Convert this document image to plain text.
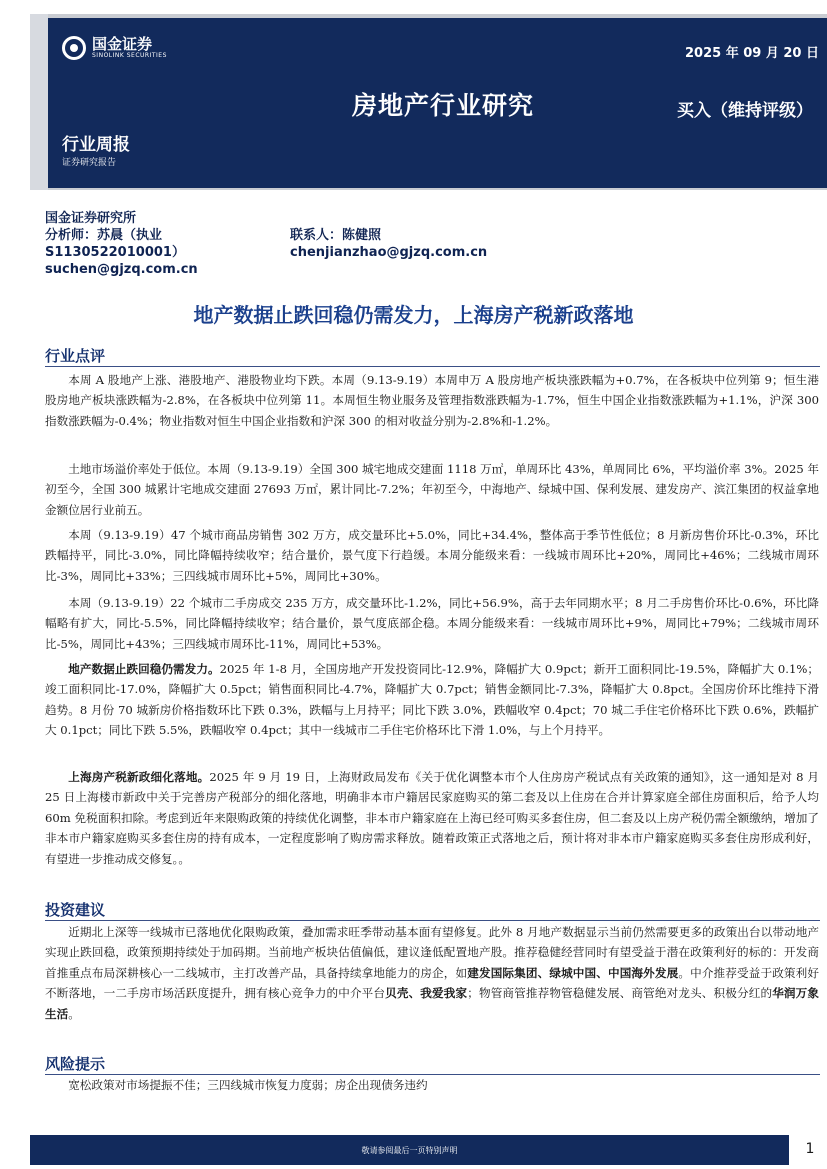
国金证券
SINOLINK SECURITIES	2025 年 09 月 20 日
房地产行业研究	买入（维持评级）
行业周报
证券研究报告
国金证券研究所
分析师：苏晨（执业
S1130522010001）
suchen@gjzq.com.cn
联系人：陈健照
chenjianzhao@gjzq.com.cn
地产数据止跌回稳仍需发力，上海房产税新政落地
行业点评
本周 A 股地产上涨、港股地产、港股物业均下跌。本周（9.13-9.19）本周申万 A 股房地产板块涨跌幅为+0.7%，在各板块中位列第 9；恒生港股房地产板块涨跌幅为-2.8%，在各板块中位列第 11。本周恒生物业服务及管理指数涨跌幅为-1.7%，恒生中国企业指数涨跌幅为+1.1%，沪深 300 指数涨跌幅为-0.4%；物业指数对恒生中国企业指数和沪深 300 的相对收益分别为-2.8%和-1.2%。
土地市场溢价率处于低位。本周（9.13-9.19）全国 300 城宅地成交建面 1118 万㎡，单周环比 43%，单周同比 6%，平均溢价率 3%。2025 年初至今，全国 300 城累计宅地成交建面 27693 万㎡，累计同比-7.2%；年初至今，中海地产、绿城中国、保利发展、建发房产、滨江集团的权益拿地金额位居行业前五。
本周（9.13-9.19）47 个城市商品房销售 302 万方，成交量环比+5.0%，同比+34.4%，整体高于季节性低位；8 月新房售价环比-0.3%，环比跌幅持平，同比-3.0%，同比降幅持续收窄；结合量价，景气度下行趋缓。本周分能级来看：一线城市周环比+20%，周同比+46%；二线城市周环比-3%，周同比+33%；三四线城市周环比+5%，周同比+30%。
本周（9.13-9.19）22 个城市二手房成交 235 万方，成交量环比-1.2%，同比+56.9%，高于去年同期水平；8 月二手房售价环比-0.6%，环比降幅略有扩大，同比-5.5%，同比降幅持续收窄；结合量价，景气度底部企稳。本周分能级来看：一线城市周环比+9%，周同比+79%；二线城市周环比-5%，周同比+43%；三四线城市周环比-11%，周同比+53%。
地产数据止跌回稳仍需发力。2025 年 1-8 月，全国房地产开发投资同比-12.9%，降幅扩大 0.9pct；新开工面积同比-19.5%，降幅扩大 0.1%；竣工面积同比-17.0%，降幅扩大 0.5pct；销售面积同比-4.7%，降幅扩大 0.7pct；销售金额同比-7.3%，降幅扩大 0.8pct。全国房价环比维持下滑趋势。8 月份 70 城新房价格指数环比下跌 0.3%，跌幅与上月持平；同比下跌 3.0%，跌幅收窄 0.4pct；70 城二手住宅价格环比下跌 0.6%，跌幅扩大 0.1pct；同比下跌 5.5%，跌幅收窄 0.4pct；其中一线城市二手住宅价格环比下滑 1.0%，与上个月持平。
上海房产税新政细化落地。2025 年 9 月 19 日，上海财政局发布《关于优化调整本市个人住房房产税试点有关政策的通知》，这一通知是对 8 月 25 日上海楼市新政中关于完善房产税部分的细化落地，明确非本市户籍居民家庭购买的第二套及以上住房在合并计算家庭全部住房面积后，给予人均 60m 免税面积扣除。考虑到近年来限购政策的持续优化调整，非本市户籍家庭在上海已经可购买多套住房，但二套及以上房产税仍需全额缴纳，增加了非本市户籍家庭购买多套住房的持有成本，一定程度影响了购房需求释放。随着政策正式落地之后，预计将对非本市户籍家庭购买多套住房形成利好，有望进一步推动成交修复。。
投资建议
近期北上深等一线城市已落地优化限购政策，叠加需求旺季带动基本面有望修复。此外 8 月地产数据显示当前仍然需要更多的政策出台以带动地产实现止跌回稳，政策预期持续处于加码期。当前地产板块估值偏低，建议逢低配置地产股。推荐稳健经营同时有望受益于潜在政策利好的标的：开发商首推重点布局深耕核心一二线城市，主打改善产品，具备持续拿地能力的房企，如建发国际集团、绿城中国、中国海外发展。中介推荐受益于政策利好不断落地，一二手房市场活跃度提升，拥有核心竞争力的中介平台贝壳、我爱我家；物管商管推荐物管稳健发展、商管绝对龙头、积极分红的华润万象生活。
风险提示
宽松政策对市场提振不佳；三四线城市恢复力度弱；房企出现债务违约
敬请参阅最后一页特别声明	1
